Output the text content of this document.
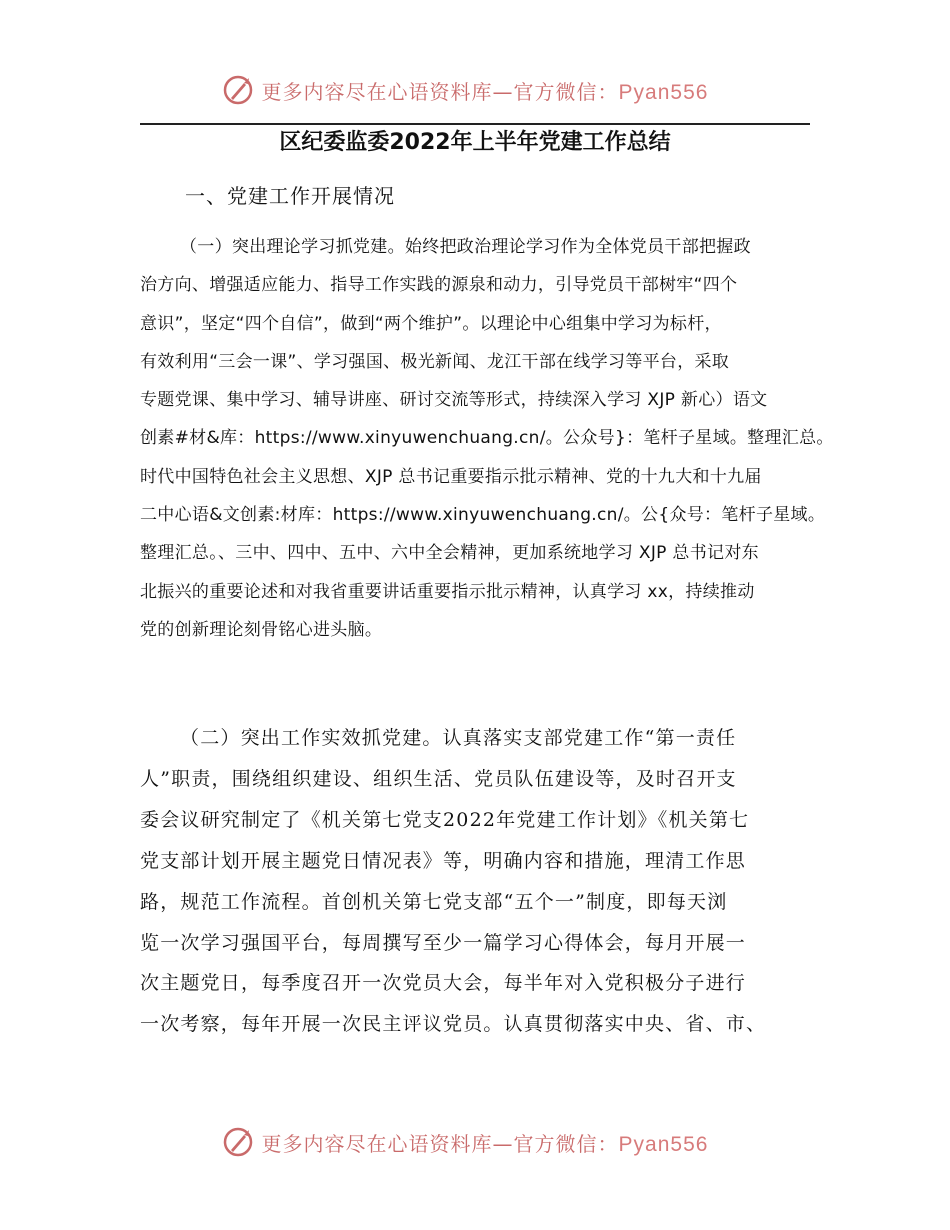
更多内容尽在心语资料库—官方微信：Pyan556
区纪委监委2022年上半年党建工作总结
一、党建工作开展情况

（一）突出理论学习抓党建。始终把政治理论学习作为全体党员干部把握政

治方向、增强适应能力、指导工作实践的源泉和动力，引导党员干部树牢“四个

意识”，坚定“四个自信”，做到“两个维护”。以理论中心组集中学习为标杆，

有效利用“三会一课”、学习强国、极光新闻、龙江干部在线学习等平台，采取

专题党课、集中学习、辅导讲座、研讨交流等形式，持续深入学习 XJP 新心）语文

创素#材&库：https://www.xinyuwenchuang.cn/。公众号}：笔杆子星域。整理汇总。

时代中国特色社会主义思想、XJP 总书记重要指示批示精神、党的十九大和十九届

二中心语&文创素:材库：https://www.xinyuwenchuang.cn/。公{众号：笔杆子星域。

整理汇总。、三中、四中、五中、六中全会精神，更加系统地学习 XJP 总书记对东

北振兴的重要论述和对我省重要讲话重要指示批示精神，认真学习 xx，持续推动

党的创新理论刻骨铭心进头脑。

（二）突出工作实效抓党建。认真落实支部党建工作“第一责任

人”职责，围绕组织建设、组织生活、党员队伍建设等，及时召开支

委会议研究制定了《机关第七党支2022年党建工作计划》《机关第七

党支部计划开展主题党日情况表》等，明确内容和措施，理清工作思

路，规范工作流程。首创机关第七党支部“五个一”制度，即每天浏

览一次学习强国平台，每周撰写至少一篇学习心得体会，每月开展一

次主题党日，每季度召开一次党员大会，每半年对入党积极分子进行

一次考察，每年开展一次民主评议党员。认真贯彻落实中央、省、市、

更多内容尽在心语资料库—官方微信：Pyan556
